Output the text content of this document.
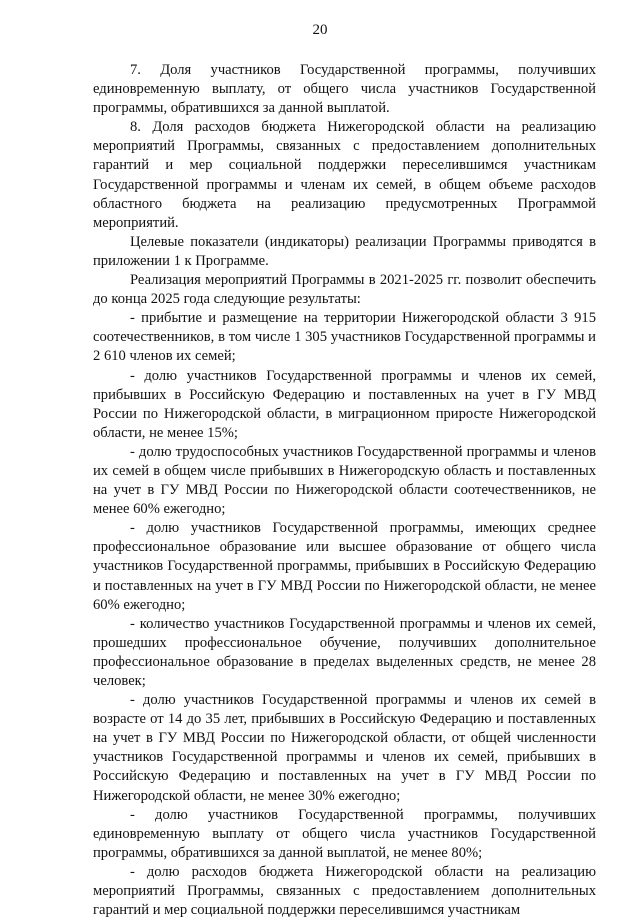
20

7. Доля участников Государственной программы, получивших единовременную выплату, от общего числа участников Государственной программы, обратившихся за данной выплатой.

8. Доля расходов бюджета Нижегородской области на реализацию мероприятий Программы, связанных с предоставлением дополнительных гарантий и мер социальной поддержки переселившимся участникам Государственной программы и членам их семей, в общем объеме расходов областного бюджета на реализацию предусмотренных Программой мероприятий.

Целевые показатели (индикаторы) реализации Программы приводятся в приложении 1 к Программе.

Реализация мероприятий Программы в 2021-2025 гг. позволит обеспечить до конца 2025 года следующие результаты:

- прибытие и размещение на территории Нижегородской области 3 915 соотечественников, в том числе 1 305 участников Государственной программы и 2 610 членов их семей;

- долю участников Государственной программы и членов их семей, прибывших в Российскую Федерацию и поставленных на учет в ГУ МВД России по Нижегородской области, в миграционном приросте Нижегородской области, не менее 15%;

- долю трудоспособных участников Государственной программы и членов их семей в общем числе прибывших в Нижегородскую область и поставленных на учет в ГУ МВД России по Нижегородской области соотечественников, не менее 60% ежегодно;

- долю участников Государственной программы, имеющих среднее профессиональное образование или высшее образование от общего числа участников Государственной программы, прибывших в Российскую Федерацию и поставленных на учет в ГУ МВД России по Нижегородской области, не менее 60% ежегодно;

- количество участников Государственной программы и членов их семей, прошедших профессиональное обучение, получивших дополнительное профессиональное образование в пределах выделенных средств, не менее 28 человек;

- долю участников Государственной программы и членов их семей в возрасте от 14 до 35 лет, прибывших в Российскую Федерацию и поставленных на учет в ГУ МВД России по Нижегородской области, от общей численности участников Государственной программы и членов их семей, прибывших в Российскую Федерацию и поставленных на учет в ГУ МВД России по Нижегородской области, не менее 30% ежегодно;

- долю участников Государственной программы, получивших единовременную выплату от общего числа участников Государственной программы, обратившихся за данной выплатой, не менее 80%;

- долю расходов бюджета Нижегородской области на реализацию мероприятий Программы, связанных с предоставлением дополнительных гарантий и мер социальной поддержки переселившимся участникам
